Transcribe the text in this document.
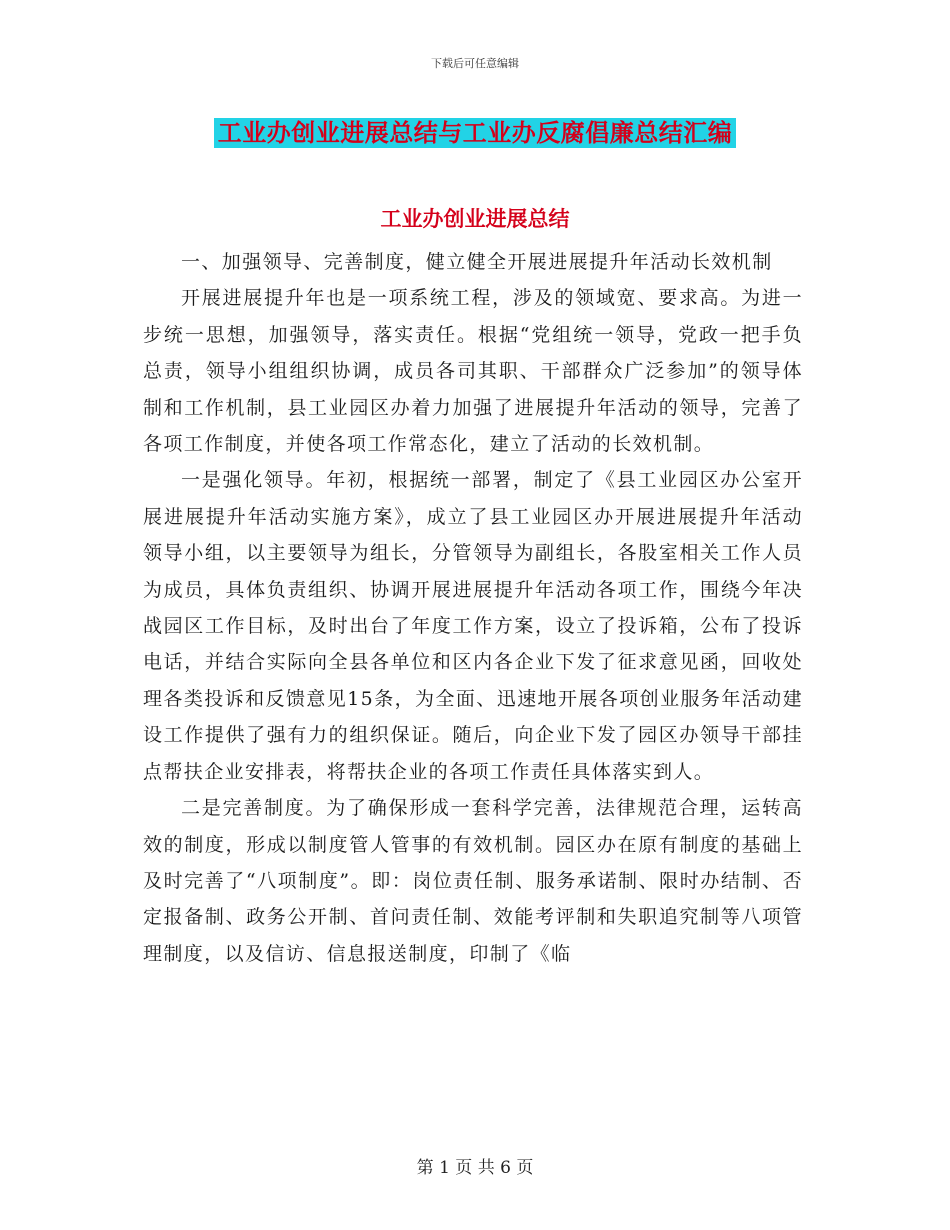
下载后可任意编辑
工业办创业进展总结与工业办反腐倡廉总结汇编
工业办创业进展总结

一、加强领导、完善制度，健立健全开展进展提升年活动长效机制

开展进展提升年也是一项系统工程，涉及的领域宽、要求高。为进一步统一思想，加强领导，落实责任。根据“党组统一领导，党政一把手负总责，领导小组组织协调，成员各司其职、干部群众广泛参加”的领导体制和工作机制，县工业园区办着力加强了进展提升年活动的领导，完善了各项工作制度，并使各项工作常态化，建立了活动的长效机制。

一是强化领导。年初，根据统一部署，制定了《县工业园区办公室开展进展提升年活动实施方案》，成立了县工业园区办开展进展提升年活动领导小组，以主要领导为组长，分管领导为副组长，各股室相关工作人员为成员，具体负责组织、协调开展进展提升年活动各项工作，围绕今年决战园区工作目标，及时出台了年度工作方案，设立了投诉箱，公布了投诉电话，并结合实际向全县各单位和区内各企业下发了征求意见函，回收处理各类投诉和反馈意见15条，为全面、迅速地开展各项创业服务年活动建设工作提供了强有力的组织保证。随后，向企业下发了园区办领导干部挂点帮扶企业安排表，将帮扶企业的各项工作责任具体落实到人。

二是完善制度。为了确保形成一套科学完善，法律规范合理，运转高效的制度，形成以制度管人管事的有效机制。园区办在原有制度的基础上及时完善了“八项制度”。即：岗位责任制、服务承诺制、限时办结制、否定报备制、政务公开制、首问责任制、效能考评制和失职追究制等八项管理制度，以及信访、信息报送制度，印制了《临

第 1 页 共 6 页
